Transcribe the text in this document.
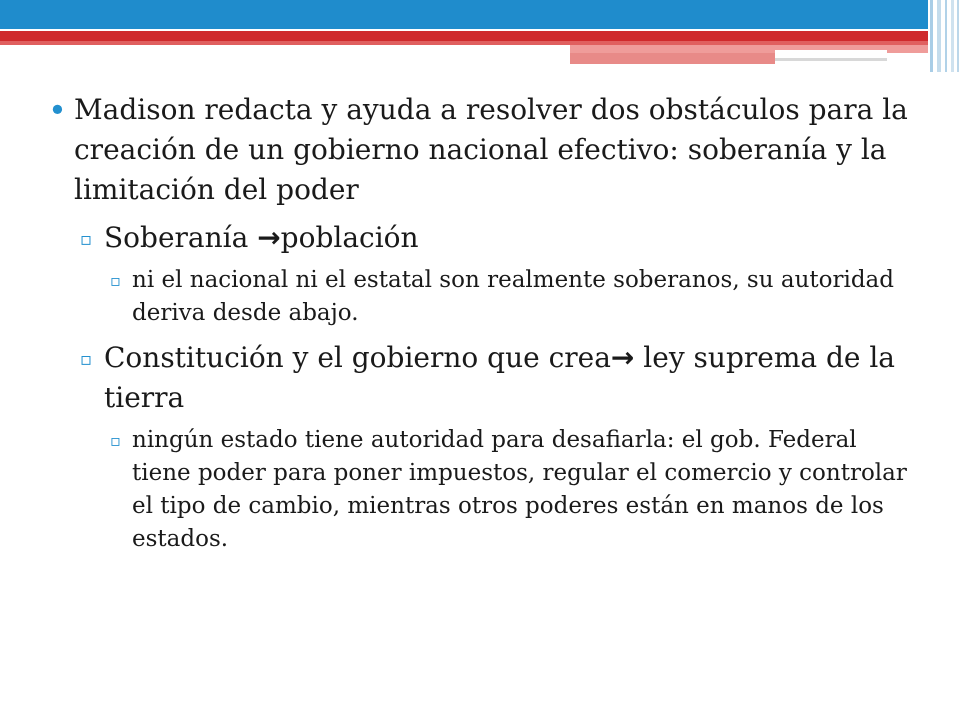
• Madison redacta y ayuda a resolver dos obstáculos para la creación de un gobierno nacional efectivo: soberanía y la limitación del poder

▫ Soberanía →población

▫ ni el nacional ni el estatal son realmente soberanos, su autoridad deriva desde abajo.

▫ Constitución y el gobierno que crea→ ley suprema de la tierra

▫ ningún estado tiene autoridad para desafiarla: el gob. Federal tiene poder para poner impuestos, regular el comercio y controlar el tipo de cambio, mientras otros poderes están en manos de los estados.
